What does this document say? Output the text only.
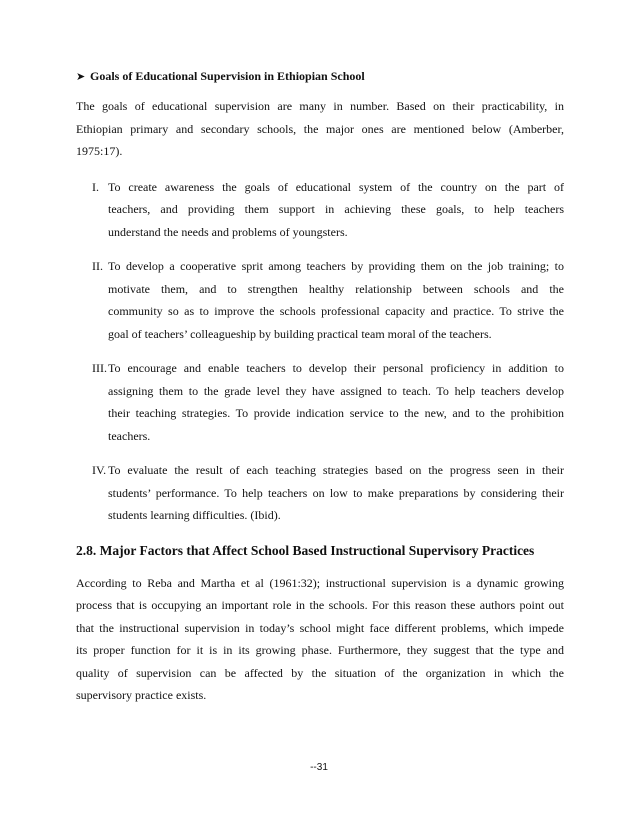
➤ Goals of Educational Supervision in Ethiopian School

The goals of educational supervision are many in number. Based on their practicability, in
Ethiopian primary and secondary schools, the major ones are mentioned below (Amberber,
1975:17).

I. To create awareness the goals of educational system of the country on the part of
teachers, and providing them support in achieving these goals, to help teachers
understand the needs and problems of youngsters.
II. To develop a cooperative sprit among teachers by providing them on the job training; to
motivate them, and to strengthen healthy relationship between schools and the
community so as to improve the schools professional capacity and practice. To strive the
goal of teachers’ colleagueship by building practical team moral of the teachers.
III. To encourage and enable teachers to develop their personal proficiency in addition to
assigning them to the grade level they have assigned to teach. To help teachers develop
their teaching strategies. To provide indication service to the new, and to the prohibition
teachers.
IV. To evaluate the result of each teaching strategies based on the progress seen in their
students’ performance. To help teachers on low to make preparations by considering their
students learning difficulties. (Ibid).
2.8. Major Factors that Affect School Based Instructional Supervisory Practices

According to Reba and Martha et al (1961:32); instructional supervision is a dynamic growing
process that is occupying an important role in the schools. For this reason these authors point out
that the instructional supervision in today’s school might face different problems, which impede
its proper function for it is in its growing phase. Furthermore, they suggest that the type and
quality of supervision can be affected by the situation of the organization in which the
supervisory practice exists.

--31
